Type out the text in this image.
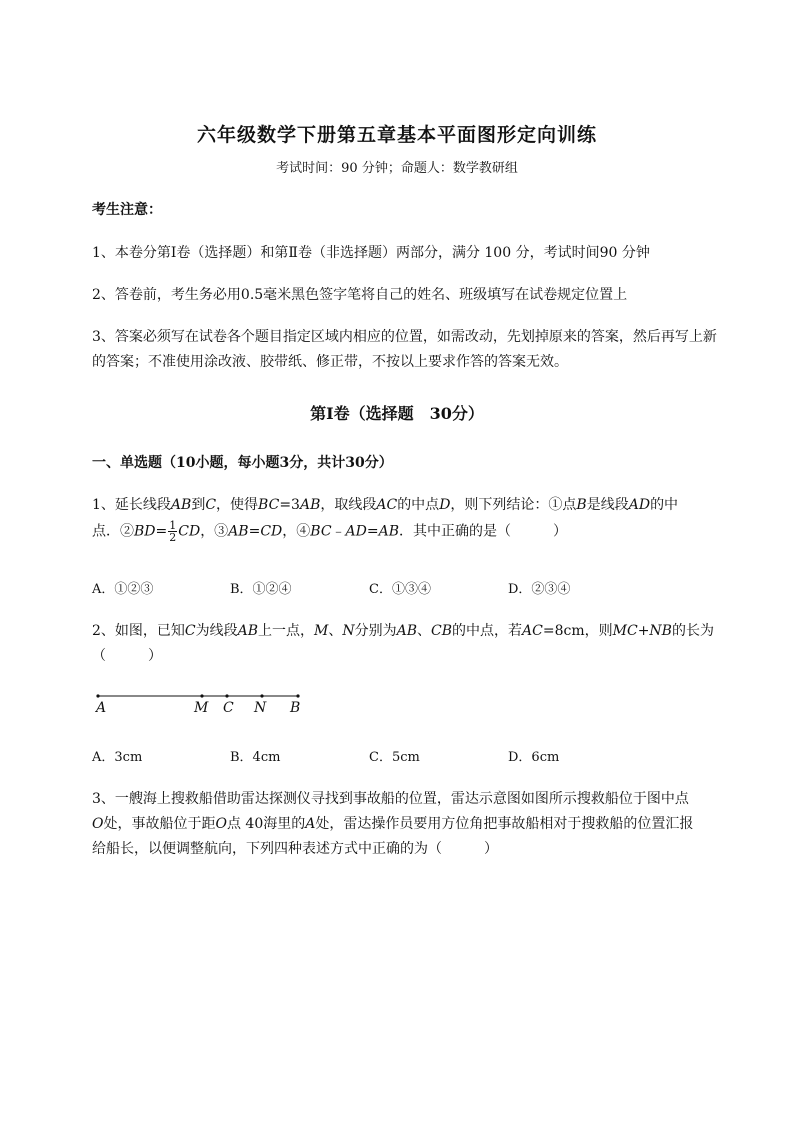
六年级数学下册第五章基本平面图形定向训练
考试时间：90 分钟；命题人：数学教研组
考生注意：
1、本卷分第Ⅰ卷（选择题）和第Ⅱ卷（非选择题）两部分，满分 100 分，考试时间90 分钟
2、答卷前，考生务必用0.5毫米黑色签字笔将自己的姓名、班级填写在试卷规定位置上
3、答案必须写在试卷各个题目指定区域内相应的位置，如需改动，先划掉原来的答案，然后再写上新
的答案；不准使用涂改液、胶带纸、修正带，不按以上要求作答的答案无效。
第Ⅰ卷（选择题　30分）
一、单选题（10小题，每小题3分，共计30分）
1、延长线段AB到C，使得BC=3AB，取线段AC的中点D，则下列结论：①点B是线段AD的中
点．②BD= $\frac{1}{2}$ CD，③AB=CD，④BC﹣AD=AB．其中正确的是（　　　）
A．①②③	B．①②④	C．①③④	D．②③④
2、如图，已知C为线段AB上一点，M、N分别为AB、CB的中点，若AC=8cm，则MC+NB的长为
（　　　）
A	M C N B
A．3cm	B．4cm	C．5cm	D．6cm
3、一艘海上搜救船借助雷达探测仪寻找到事故船的位置，雷达示意图如图所示搜救船位于图中点
O处，事故船位于距O点 40海里的A处，雷达操作员要用方位角把事故船相对于搜救船的位置汇报
给船长，以便调整航向，下列四种表述方式中正确的为（　　　）
